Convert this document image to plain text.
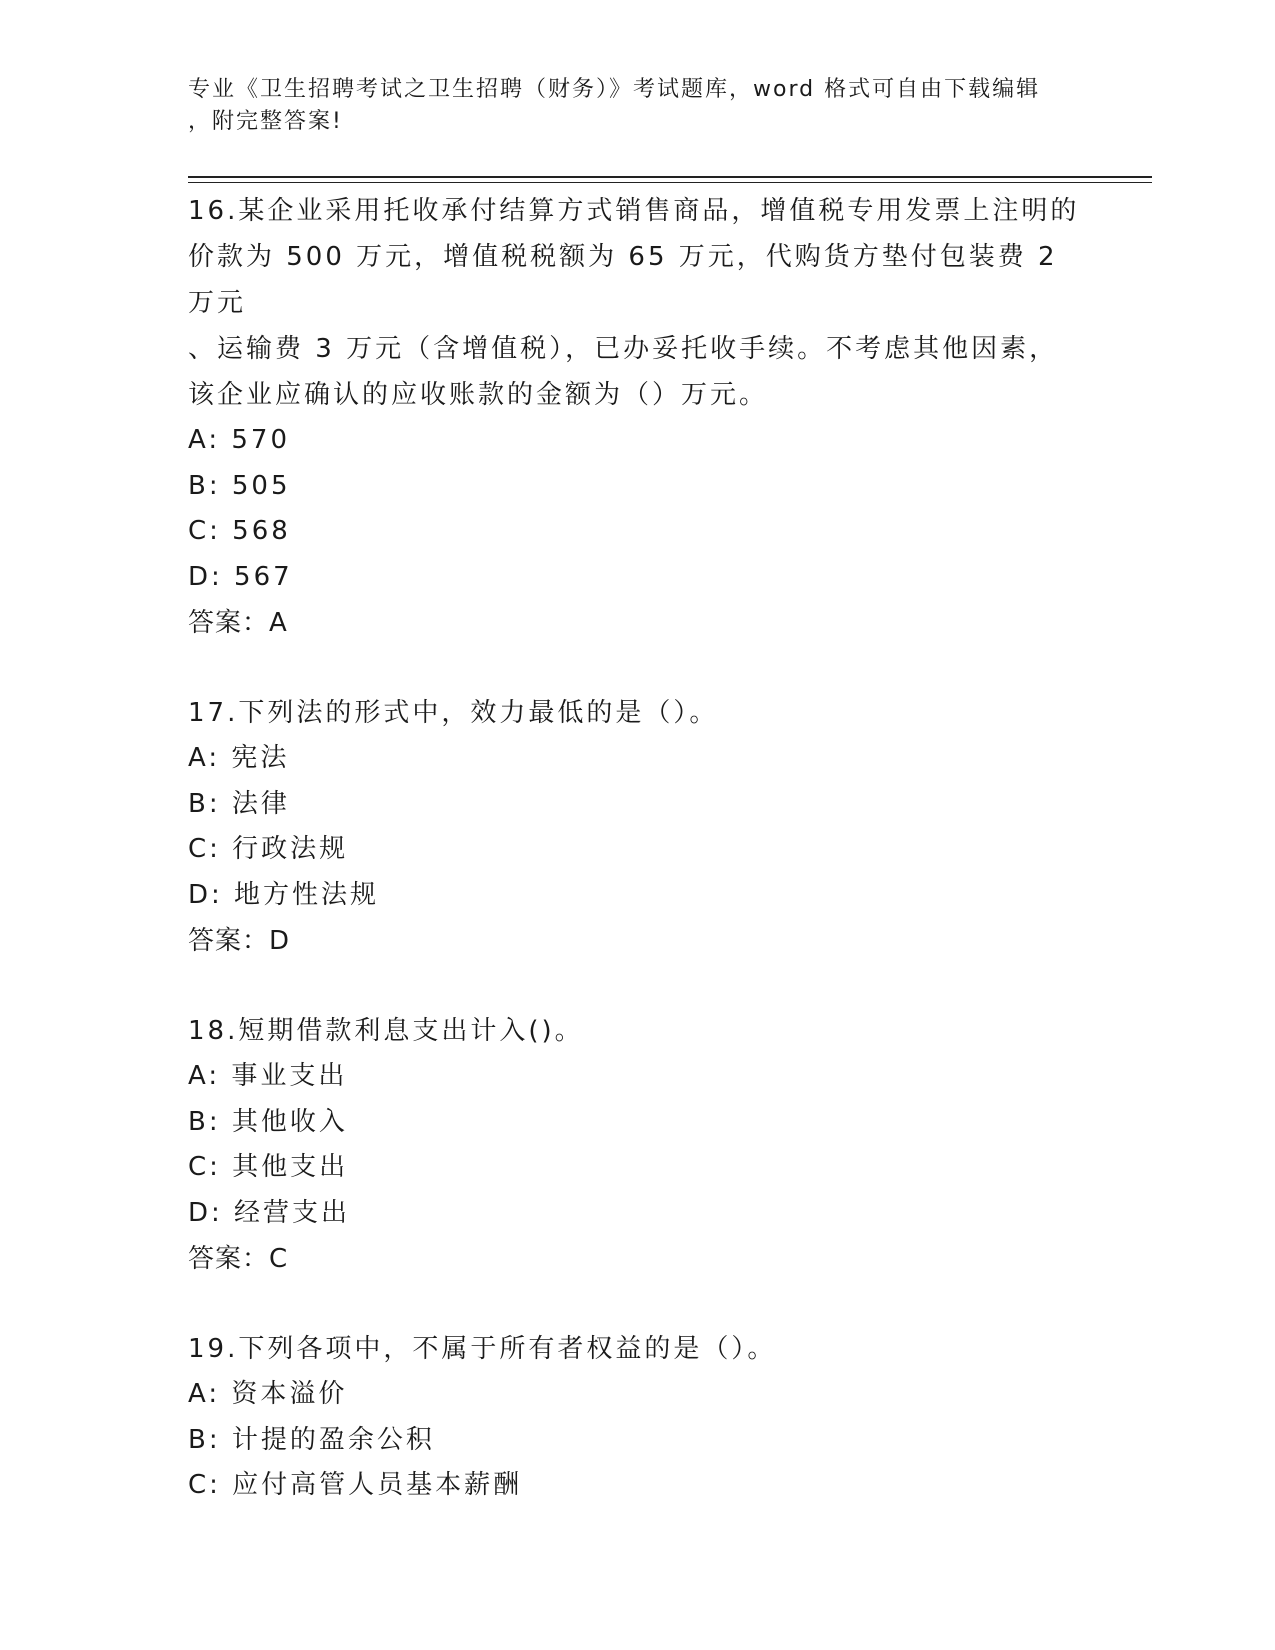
专业《卫生招聘考试之卫生招聘（财务）》考试题库，word 格式可自由下载编辑
，附完整答案!
16.某企业采用托收承付结算方式销售商品，增值税专用发票上注明的
价款为 500 万元，增值税税额为 65 万元，代购货方垫付包装费 2 万元
、运输费 3 万元（含增值税），已办妥托收手续。不考虑其他因素，
该企业应确认的应收账款的金额为（）万元。
A: 570
B: 505
C: 568
D: 567
答案：A
17.下列法的形式中，效力最低的是（）。
A: 宪法
B: 法律
C: 行政法规
D: 地方性法规
答案：D
18.短期借款利息支出计入()。
A: 事业支出
B: 其他收入
C: 其他支出
D: 经营支出
答案：C
19.下列各项中，不属于所有者权益的是（）。
A: 资本溢价
B: 计提的盈余公积
C: 应付高管人员基本薪酬
